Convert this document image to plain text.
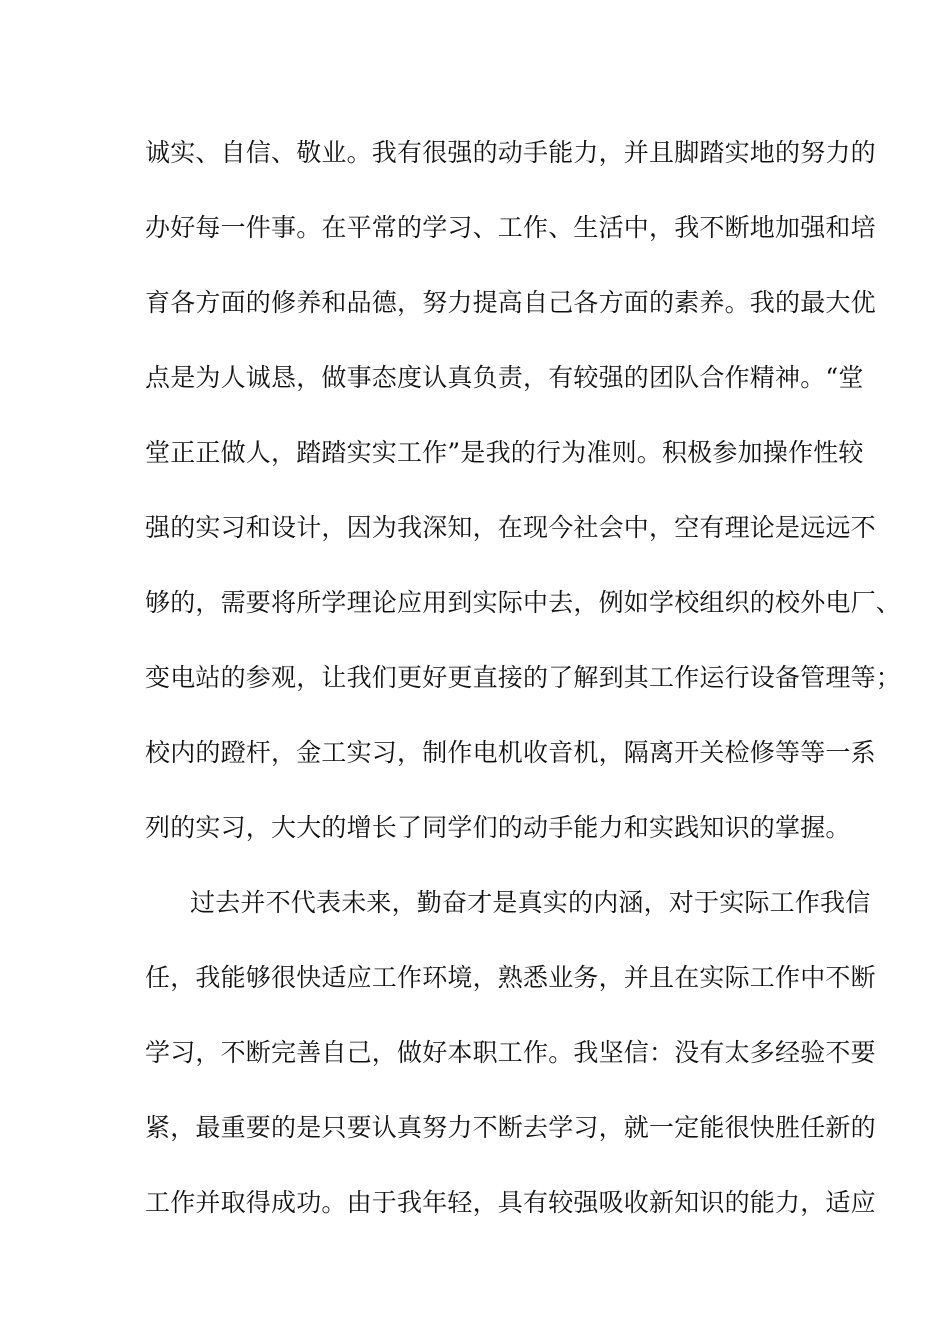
诚实、自信、敬业。我有很强的动手能力，并且脚踏实地的努力的
办好每一件事。在平常的学习、工作、生活中，我不断地加强和培
育各方面的修养和品德，努力提高自己各方面的素养。我的最大优
点是为人诚恳，做事态度认真负责，有较强的团队合作精神。“堂
堂正正做人，踏踏实实工作”是我的行为准则。积极参加操作性较
强的实习和设计，因为我深知，在现今社会中，空有理论是远远不
够的，需要将所学理论应用到实际中去，例如学校组织的校外电厂、
变电站的参观，让我们更好更直接的了解到其工作运行设备管理等；
校内的蹬杆，金工实习，制作电机收音机，隔离开关检修等等一系
列的实习，大大的增长了同学们的动手能力和实践知识的掌握。
过去并不代表未来，勤奋才是真实的内涵，对于实际工作我信
任，我能够很快适应工作环境，熟悉业务，并且在实际工作中不断
学习，不断完善自己，做好本职工作。我坚信：没有太多经验不要
紧，最重要的是只要认真努力不断去学习，就一定能很快胜任新的
工作并取得成功。由于我年轻，具有较强吸收新知识的能力，适应
